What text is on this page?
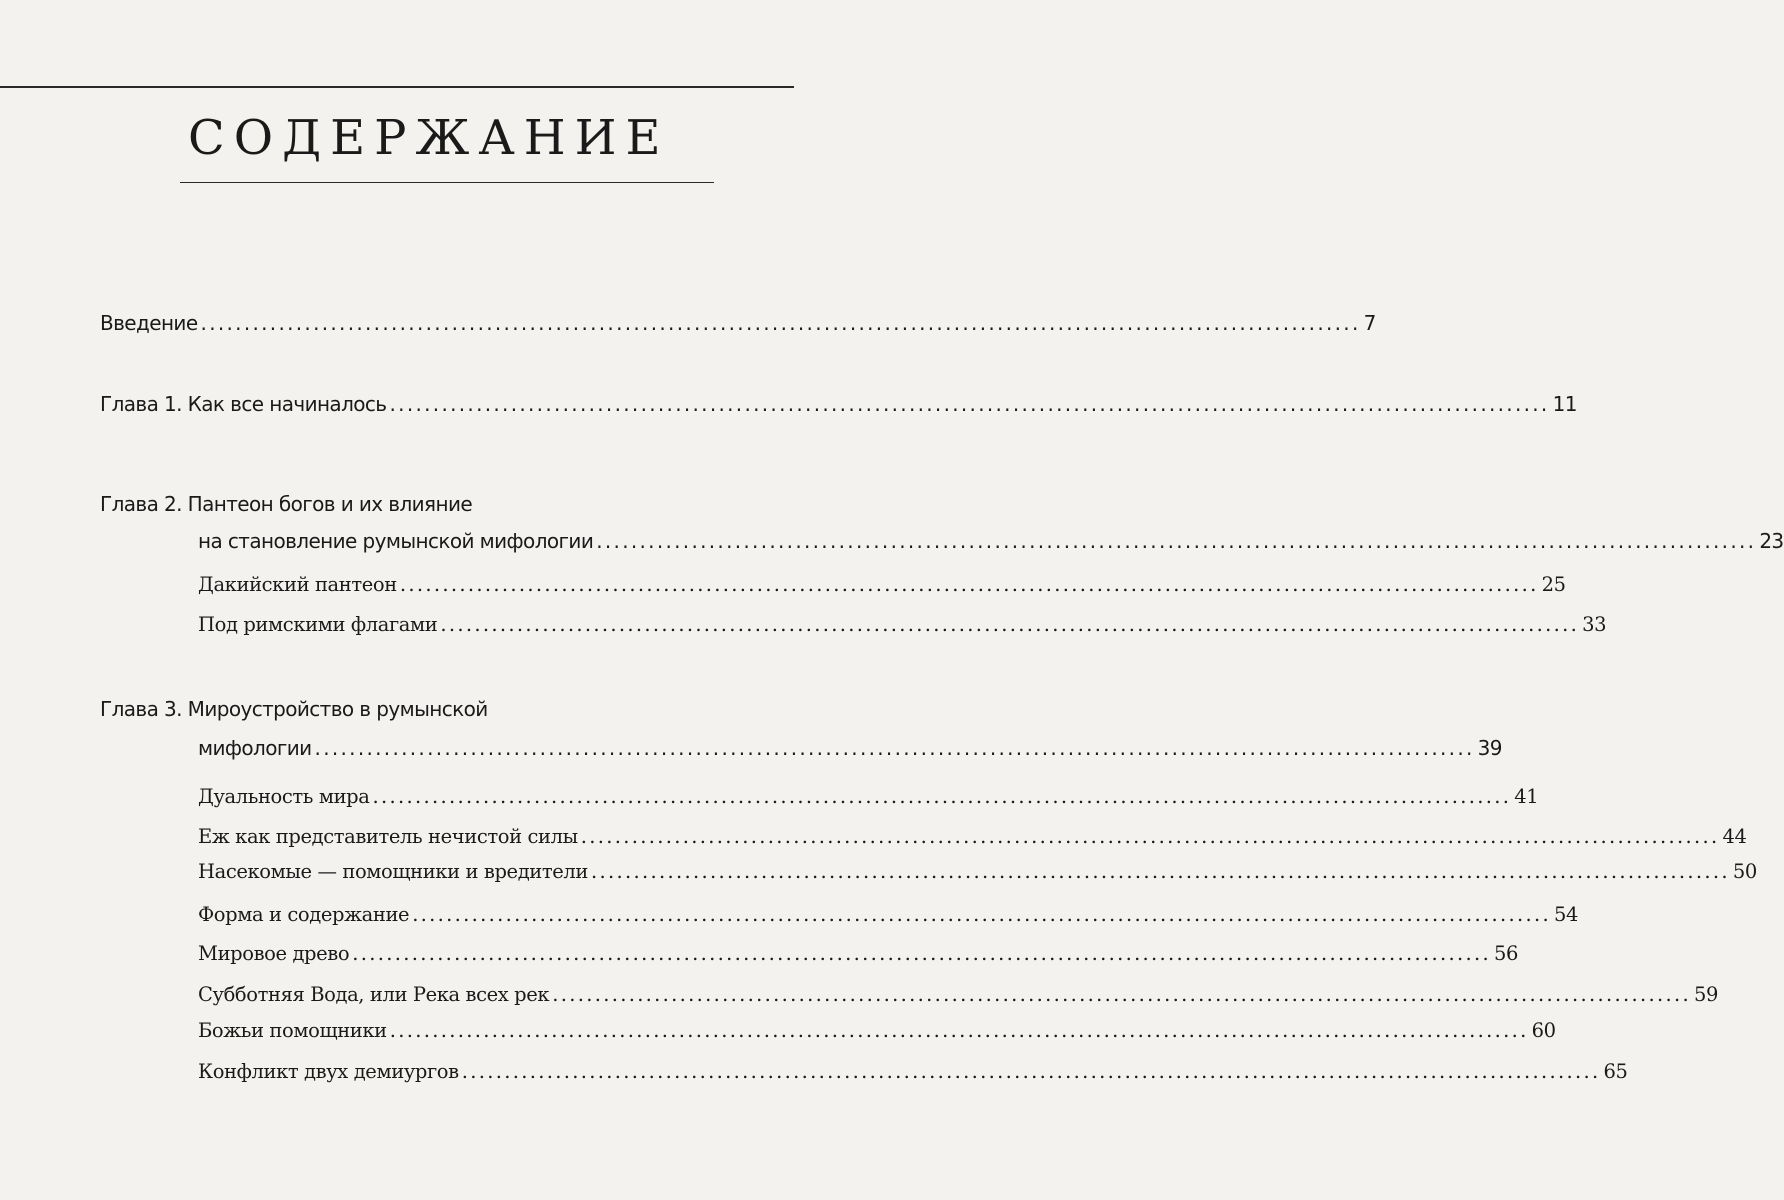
СОДЕРЖАНИЕ
Введение ...................................................................................................................................... 7
Глава 1. Как все начиналось ...................................................................................................................................... 11
Глава 2. Пантеон богов и их влияние
на становление румынской мифологии ...................................................................................................................................... 23
Дакийский пантеон ...................................................................................................................................... 25
Под римскими флагами ...................................................................................................................................... 33
Глава 3. Мироустройство в румынской
мифологии ...................................................................................................................................... 39
Дуальность мира ...................................................................................................................................... 41
Еж как представитель нечистой силы ...................................................................................................................................... 44
Насекомые — помощники и вредители ...................................................................................................................................... 50
Форма и содержание ...................................................................................................................................... 54
Мировое древо ...................................................................................................................................... 56
Субботняя Вода, или Река всех рек ...................................................................................................................................... 59
Божьи помощники ...................................................................................................................................... 60
Конфликт двух демиургов ...................................................................................................................................... 65
